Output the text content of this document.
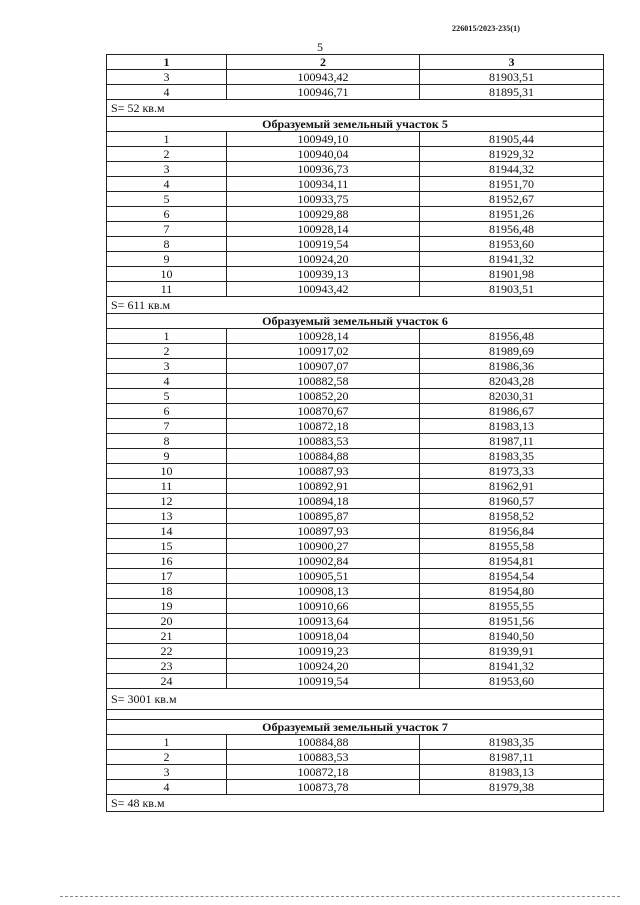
226015/2023-235(1)
5
1	2	3
3	100943,42	81903,51
4	100946,71	81895,31
S= 52 кв.м		
Образуемый земельный участок 5		
1	100949,10	81905,44
2	100940,04	81929,32
3	100936,73	81944,32
4	100934,11	81951,70
5	100933,75	81952,67
6	100929,88	81951,26
7	100928,14	81956,48
8	100919,54	81953,60
9	100924,20	81941,32
10	100939,13	81901,98
11	100943,42	81903,51
S= 611 кв.м		
Образуемый земельный участок 6		
1	100928,14	81956,48
2	100917,02	81989,69
3	100907,07	81986,36
4	100882,58	82043,28
5	100852,20	82030,31
6	100870,67	81986,67
7	100872,18	81983,13
8	100883,53	81987,11
9	100884,88	81983,35
10	100887,93	81973,33
11	100892,91	81962,91
12	100894,18	81960,57
13	100895,87	81958,52
14	100897,93	81956,84
15	100900,27	81955,58
16	100902,84	81954,81
17	100905,51	81954,54
18	100908,13	81954,80
19	100910,66	81955,55
20	100913,64	81951,56
21	100918,04	81940,50
22	100919,23	81939,91
23	100924,20	81941,32
24	100919,54	81953,60
S= 3001 кв.м		

Образуемый земельный участок 7		
1	100884,88	81983,35
2	100883,53	81987,11
3	100872,18	81983,13
4	100873,78	81979,38
S= 48 кв.м		
